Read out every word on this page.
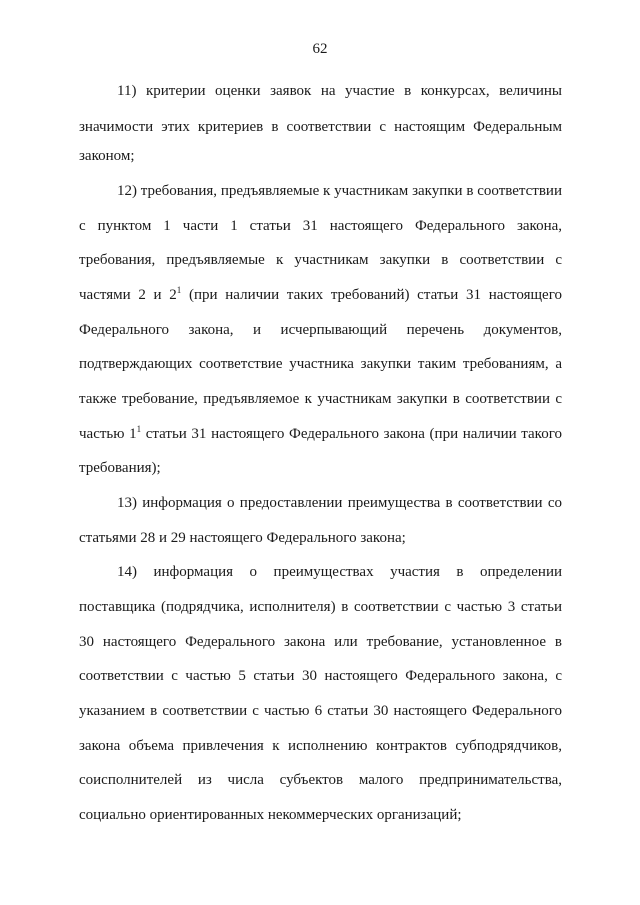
62
11) критерии оценки заявок на участие в конкурсах, величины
значимости этих критериев в соответствии с настоящим Федеральным
законом;
12) требования, предъявляемые к участникам закупки в соответствии
с пунктом 1 части 1 статьи 31 настоящего Федерального закона,
требования, предъявляемые к участникам закупки в соответствии с
частями 2 и $2^1$ (при наличии таких требований) статьи 31 настоящего
Федерального закона, и исчерпывающий перечень документов,
подтверждающих соответствие участника закупки таким требованиям, а
также требование, предъявляемое к участникам закупки в соответствии с
частью $1^1$ статьи 31 настоящего Федерального закона (при наличии такого
требования);
13) информация о предоставлении преимущества в соответствии со
статьями 28 и 29 настоящего Федерального закона;
14) информация о преимуществах участия в определении
поставщика (подрядчика, исполнителя) в соответствии с частью 3 статьи
30 настоящего Федерального закона или требование, установленное в
соответствии с частью 5 статьи 30 настоящего Федерального закона, с
указанием в соответствии с частью 6 статьи 30 настоящего Федерального
закона объема привлечения к исполнению контрактов субподрядчиков,
соисполнителей из числа субъектов малого предпринимательства,
социально ориентированных некоммерческих организаций;
